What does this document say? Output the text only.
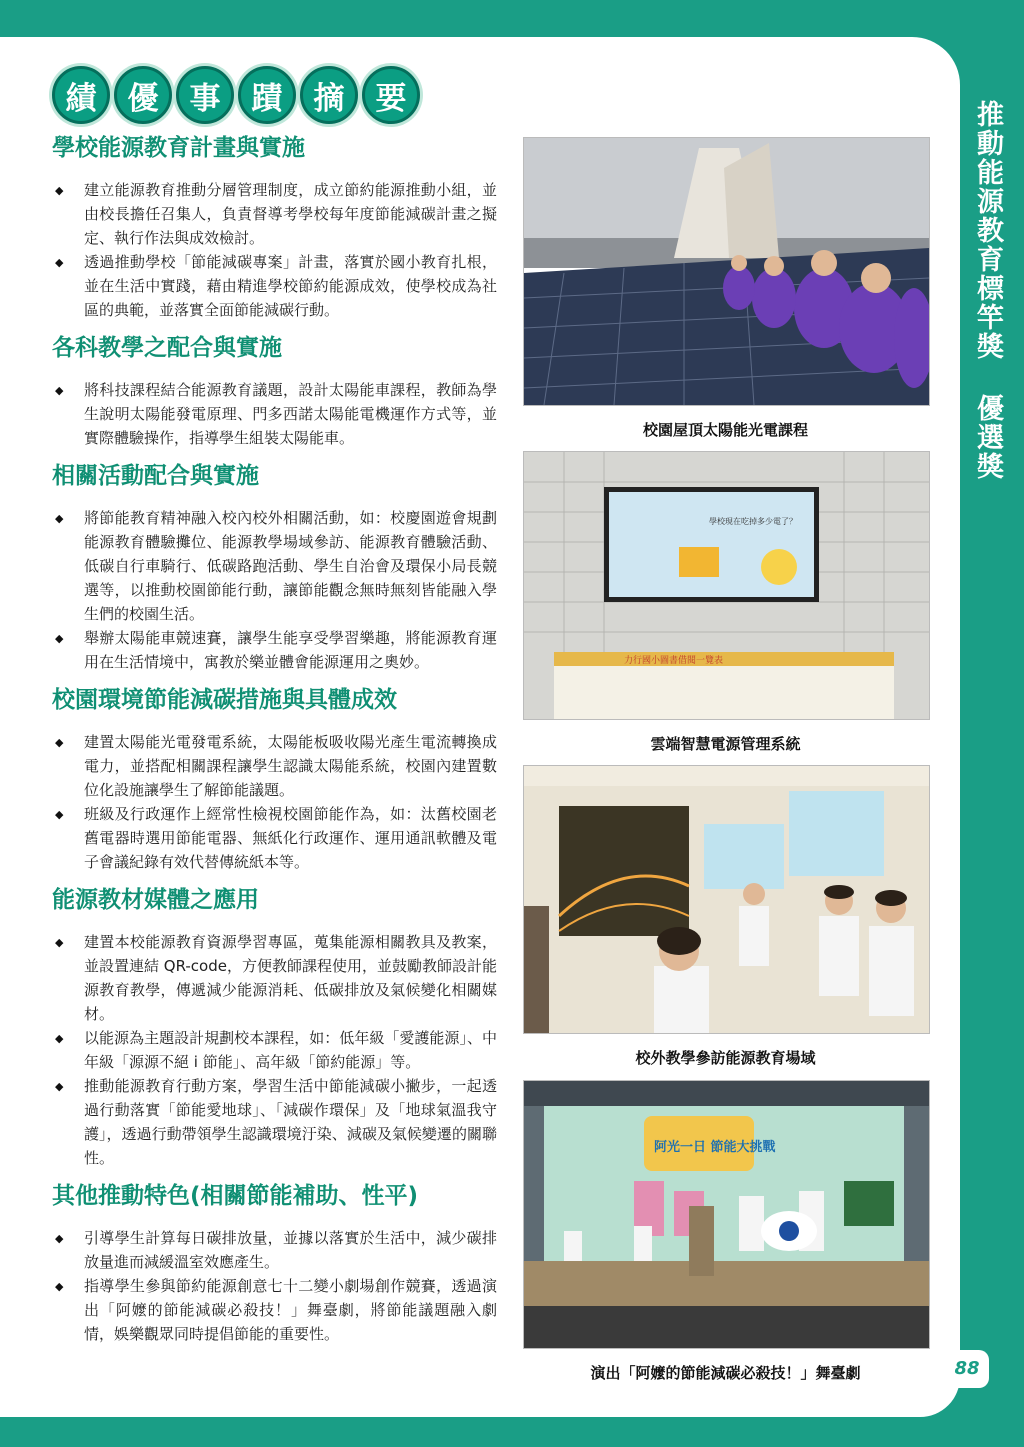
推動能源教育標竿獎 優選獎
績	優	事	蹟	摘	要
學校能源教育計畫與實施
◆ 建立能源教育推動分層管理制度，成立節約能源推動小組，並由校長擔任召集人，負責督導考學校每年度節能減碳計畫之擬定、執行作法與成效檢討。
◆ 透過推動學校「節能減碳專案」計畫，落實於國小教育扎根，並在生活中實踐，藉由精進學校節約能源成效，使學校成為社區的典範，並落實全面節能減碳行動。
各科教學之配合與實施
◆ 將科技課程結合能源教育議題，設計太陽能車課程，教師為學生說明太陽能發電原理、門多西諾太陽能電機運作方式等，並實際體驗操作，指導學生組裝太陽能車。
相關活動配合與實施
◆ 將節能教育精神融入校內校外相關活動，如：校慶園遊會規劃能源教育體驗攤位、能源教學場域參訪、能源教育體驗活動、低碳自行車騎行、低碳路跑活動、學生自治會及環保小局長競選等，以推動校園節能行動，讓節能觀念無時無刻皆能融入學生們的校園生活。
◆ 舉辦太陽能車競速賽，讓學生能享受學習樂趣，將能源教育運用在生活情境中，寓教於樂並體會能源運用之奧妙。
校園環境節能減碳措施與具體成效
◆ 建置太陽能光電發電系統，太陽能板吸收陽光產生電流轉換成電力，並搭配相關課程讓學生認識太陽能系統，校園內建置數位化設施讓學生了解節能議題。
◆ 班級及行政運作上經常性檢視校園節能作為，如：汰舊校園老舊電器時選用節能電器、無紙化行政運作、運用通訊軟體及電子會議紀錄有效代替傳統紙本等。
能源教材媒體之應用
◆ 建置本校能源教育資源學習專區，蒐集能源相關教具及教案，並設置連結 QR-code，方便教師課程使用，並鼓勵教師設計能源教育教學，傳遞減少能源消耗、低碳排放及氣候變化相關媒材。
◆ 以能源為主題設計規劃校本課程，如：低年級「愛護能源」、中年級「源源不絕 i 節能」、高年級「節約能源」等。
◆ 推動能源教育行動方案，學習生活中節能減碳小撇步，一起透過行動落實「節能愛地球」、「減碳作環保」及「地球氣溫我守護」，透過行動帶領學生認識環境汙染、減碳及氣候變遷的關聯性。
其他推動特色(相關節能補助、性平)
◆ 引導學生計算每日碳排放量，並據以落實於生活中，減少碳排放量進而減緩溫室效應產生。
◆ 指導學生參與節約能源創意七十二變小劇場創作競賽，透過演出「阿嬤的節能減碳必殺技！」舞臺劇，將節能議題融入劇情，娛樂觀眾同時提倡節能的重要性。
校園屋頂太陽能光電課程
學校現在吃掉多少電了？
力行國小圖書借閱一覽表
雲端智慧電源管理系統
校外教學參訪能源教育場域
阿光一日 節能大挑戰
演出「阿嬤的節能減碳必殺技！」舞臺劇	88
